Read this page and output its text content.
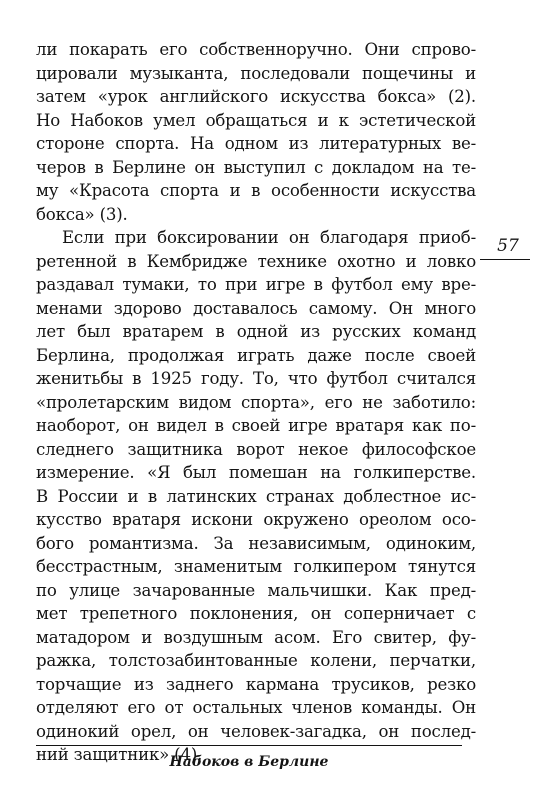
ли покарать его собственноручно. Они спрово-
цировали музыканта, последовали пощечины и
затем «урок английского искусства бокса» (2).
Но Набоков умел обращаться и к эстетической
стороне спорта. На одном из литературных ве-
черов в Берлине он выступил с докладом на те-
му «Красота спорта и в особенности искусства
бокса» (3).

Если при боксировании он благодаря приоб-
ретенной в Кембридже технике охотно и ловко
раздавал тумаки, то при игре в футбол ему вре-
менами здорово доставалось самому. Он много
лет был вратарем в одной из русских команд
Берлина, продолжая играть даже после своей
женитьбы в 1925 году. То, что футбол считался
«пролетарским видом спорта», его не заботило:
наоборот, он видел в своей игре вратаря как по-
следнего защитника ворот некое философское
измерение. «Я был помешан на голкиперстве.
В России и в латинских странах доблестное ис-
кусство вратаря искони окружено ореолом осо-
бого романтизма. За независимым, одиноким,
бесстрастным, знаменитым голкипером тянутся
по улице зачарованные мальчишки. Как пред-
мет трепетного поклонения, он соперничает с
матадором и воздушным асом. Его свитер, фу-
ражка, толстозабинтованные колени, перчатки,
торчащие из заднего кармана трусиков, резко
отделяют его от остальных членов команды. Он
одинокий орел, он человек-загадка, он послед-
ний защитник» (4).

57
Набоков в Берлине
